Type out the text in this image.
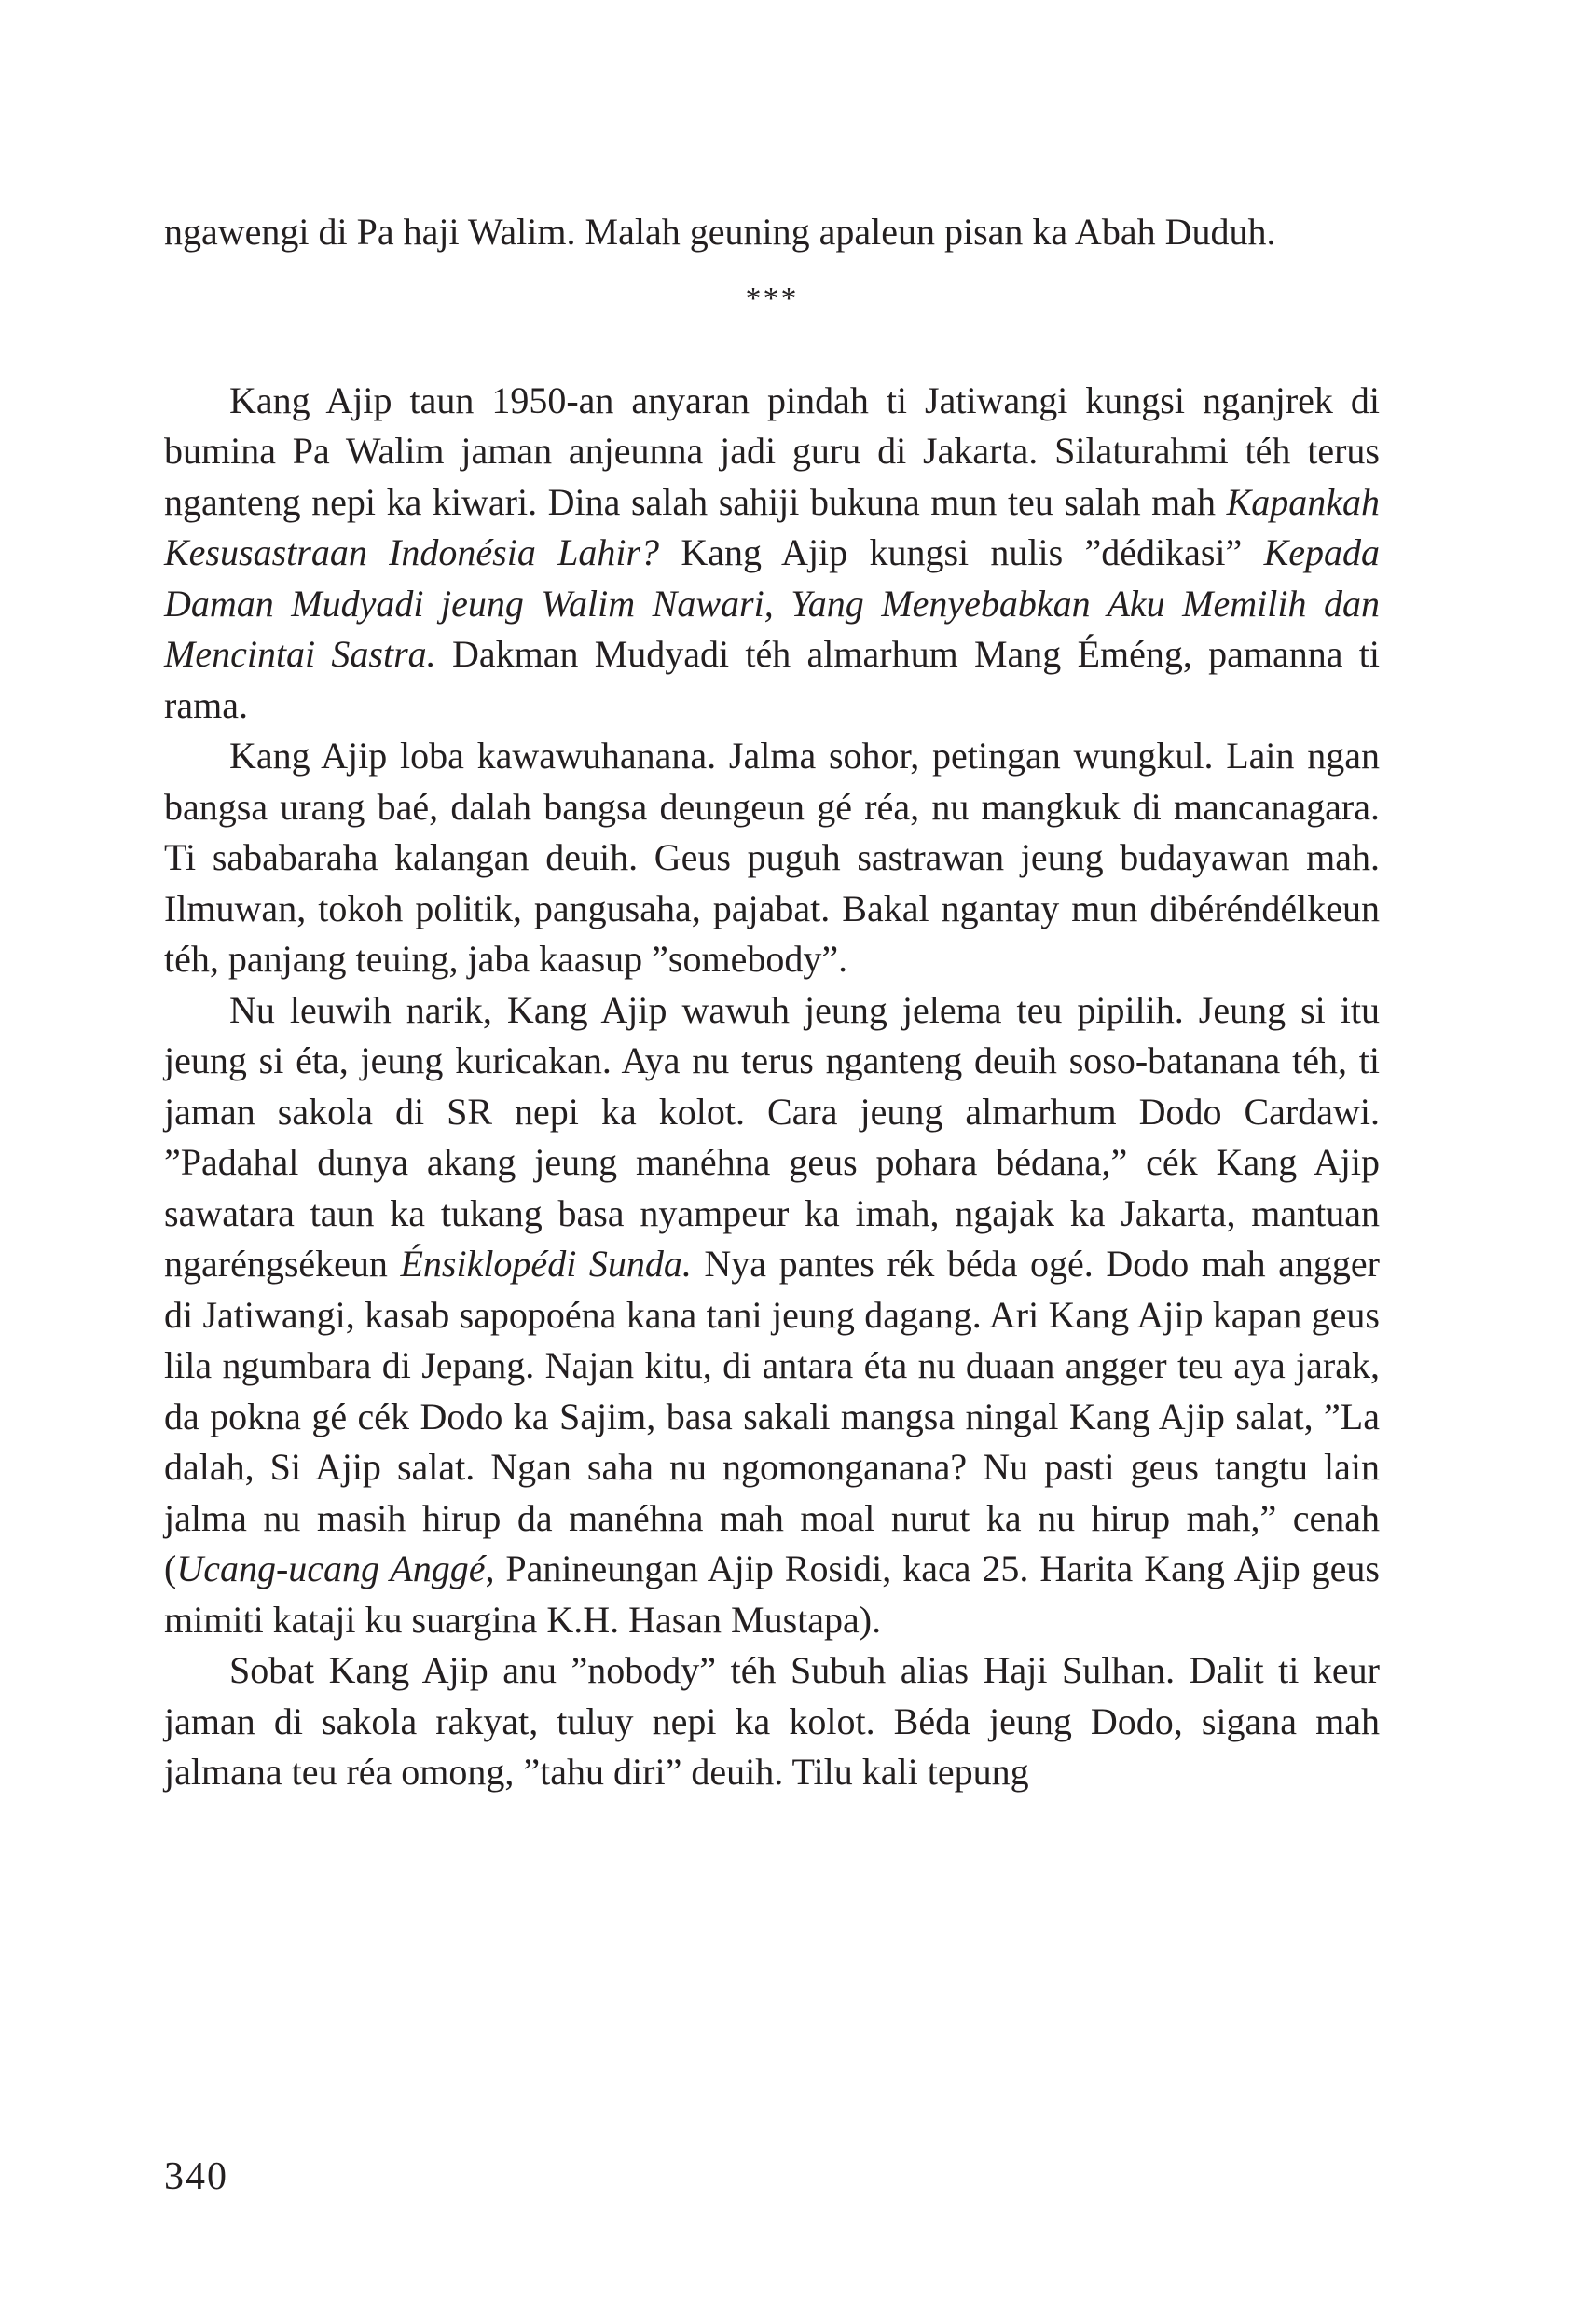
ngawengi di Pa haji Walim. Malah geuning apaleun pisan ka Abah Duduh.

***

Kang Ajip taun 1950-an anyaran pindah ti Jatiwangi kungsi nganjrek di bumina Pa Walim jaman anjeunna jadi guru di Jakarta. Silaturahmi téh terus nganteng nepi ka kiwari. Dina salah sahiji bukuna mun teu salah mah Kapankah Kesusastraan Indonésia Lahir? Kang Ajip kungsi nulis ”dédikasi” Kepada Daman Mudyadi jeung Walim Nawari, Yang Menyebabkan Aku Memilih dan Mencintai Sastra. Dakman Mudyadi téh almarhum Mang Éméng, pamanna ti rama.

Kang Ajip loba kawawuhanana. Jalma sohor, petingan wungkul. Lain ngan bangsa urang baé, dalah bangsa deungeun gé réa, nu mangkuk di mancanagara. Ti sababaraha kalangan deuih. Geus puguh sastrawan jeung budayawan mah. Ilmuwan, tokoh politik, pangusaha, pajabat. Bakal ngantay mun dibéréndélkeun téh, panjang teuing, jaba kaasup ”somebody”.

Nu leuwih narik, Kang Ajip wawuh jeung jelema teu pipilih. Jeung si itu jeung si éta, jeung kuricakan. Aya nu terus nganteng deuih soso-batanana téh, ti jaman sakola di SR nepi ka kolot. Cara jeung almarhum Dodo Cardawi. ”Padahal dunya akang jeung manéhna geus pohara bédana,” cék Kang Ajip sawatara taun ka tukang basa nyampeur ka imah, ngajak ka Jakarta, mantuan ngaréngsékeun Énsiklopédi Sunda. Nya pantes rék béda ogé. Dodo mah angger di Jatiwangi, kasab sapopoéna kana tani jeung dagang. Ari Kang Ajip kapan geus lila ngumbara di Jepang. Najan kitu, di antara éta nu duaan angger teu aya jarak, da pokna gé cék Dodo ka Sajim, basa sakali mangsa ningal Kang Ajip salat, ”La dalah, Si Ajip salat. Ngan saha nu ngomonganana? Nu pasti geus tangtu lain jalma nu masih hirup da manéhna mah moal nurut ka nu hirup mah,” cenah (Ucang-ucang Anggé, Panineungan Ajip Rosidi, kaca 25. Harita Kang Ajip geus mimiti kataji ku suargina K.H. Hasan Mustapa).

Sobat Kang Ajip anu ”nobody” téh Subuh alias Haji Sulhan. Dalit ti keur jaman di sakola rakyat, tuluy nepi ka kolot. Béda jeung Dodo, sigana mah jalmana teu réa omong, ”tahu diri” deuih. Tilu kali tepung

340
